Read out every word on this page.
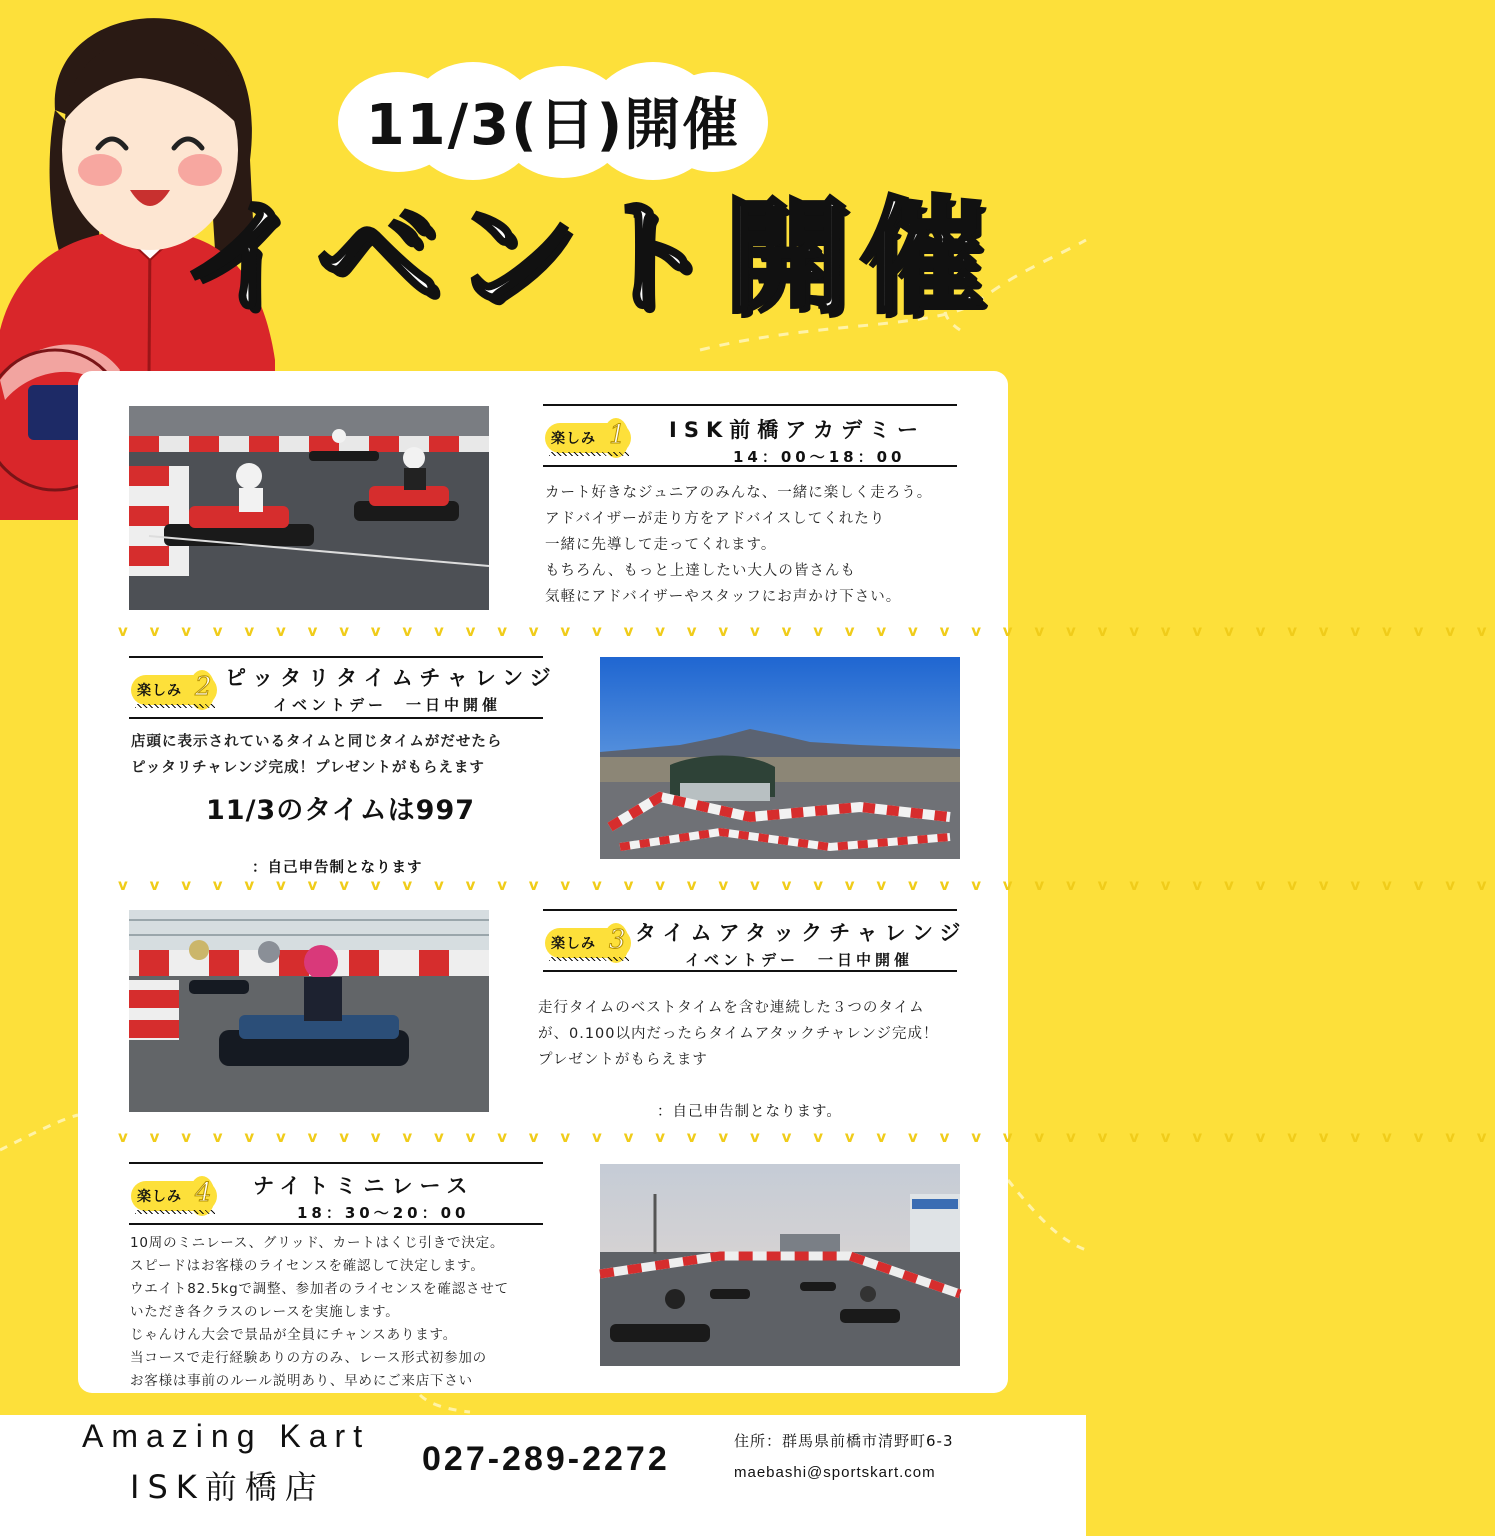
11/3(日)開催
イベント開催
楽しみ 1 ISK前橋アカデミー
14：00〜18：00
カート好きなジュニアのみんな、一緒に楽しく走ろう。
アドバイザーが走り方をアドバイスしてくれたり
一緒に先導して走ってくれます。
もちろん、もっと上達したい大人の皆さんも
気軽にアドバイザーやスタッフにお声かけ下さい。
v v v v v v v v v v v v v v v v v v v v v v v v v v v v v v v v v v v v v v v v v v v v
楽しみ 2 ピッタリタイムチャレンジ
イベントデー　一日中開催
店頭に表示されているタイムと同じタイムがだせたら
ピッタリチャレンジ完成！プレゼントがもらえます
11/3のタイムは997
：自己申告制となります
v v v v v v v v v v v v v v v v v v v v v v v v v v v v v v v v v v v v v v v v v v v v
楽しみ 3 タイムアタックチャレンジ
イベントデー　一日中開催
走行タイムのベストタイムを含む連続した３つのタイム
が、0.100以内だったらタイムアタックチャレンジ完成！
プレゼントがもらえます
：自己申告制となります。
v v v v v v v v v v v v v v v v v v v v v v v v v v v v v v v v v v v v v v v v v v v v
楽しみ 4 ナイトミニレース
18：30〜20：00
10周のミニレース、グリッド、カートはくじ引きで決定。
スピードはお客様のライセンスを確認して決定します。
ウエイト82.5kgで調整、参加者のライセンスを確認させて
いただき各クラスのレースを実施します。
じゃんけん大会で景品が全員にチャンスあります。
当コースで走行経験ありの方のみ、レース形式初参加の
お客様は事前のルール説明あり、早めにご来店下さい
Amazing Kart
ISK前橋店
027-289-2272	住所：群馬県前橋市清野町6-3
maebashi@sportskart.com
